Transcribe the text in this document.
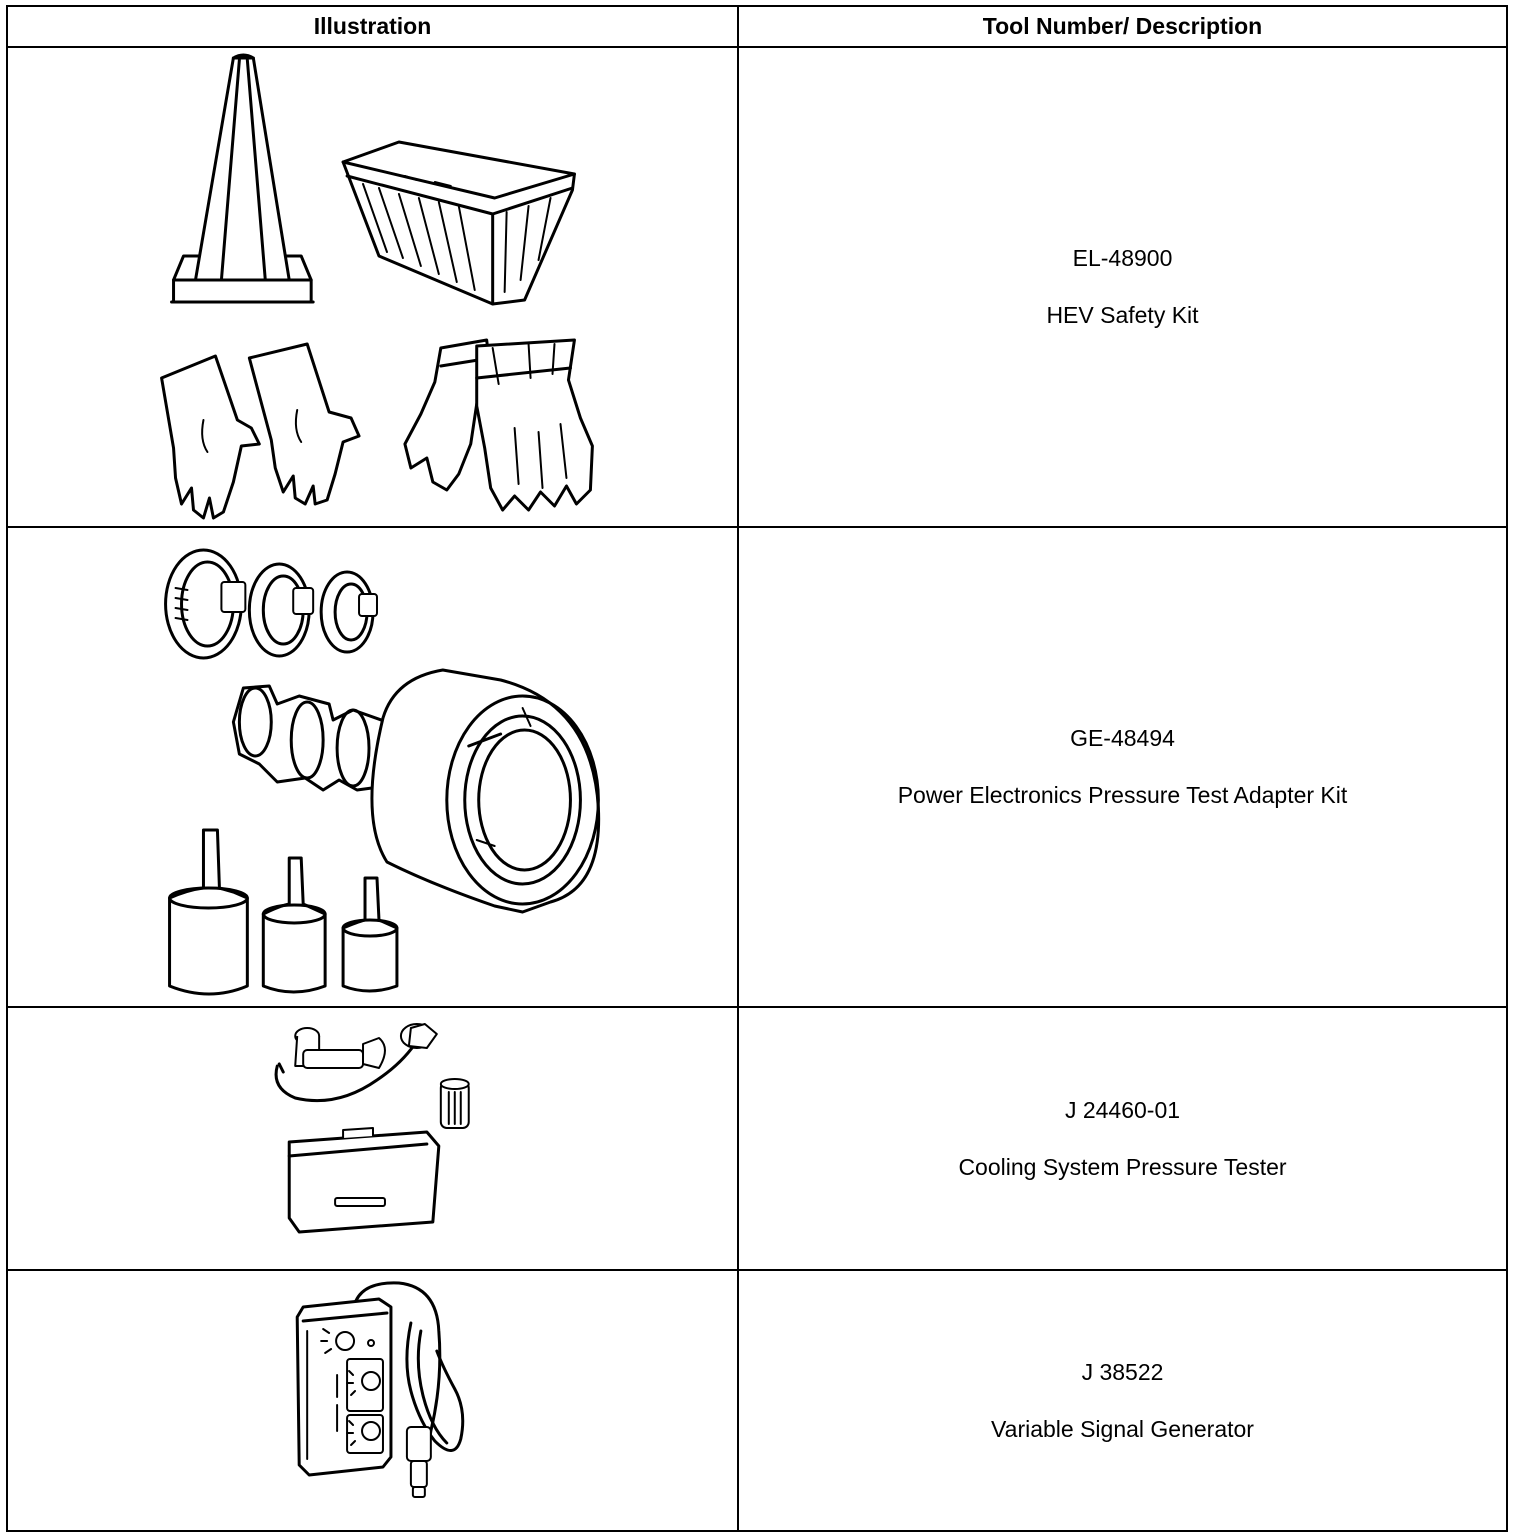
Illustration	Tool Number/ Description

EL-48900
HEV Safety Kit

GE-48494
Power Electronics Pressure Test Adapter Kit

J 24460-01
Cooling System Pressure Tester

J 38522
Variable Signal Generator
